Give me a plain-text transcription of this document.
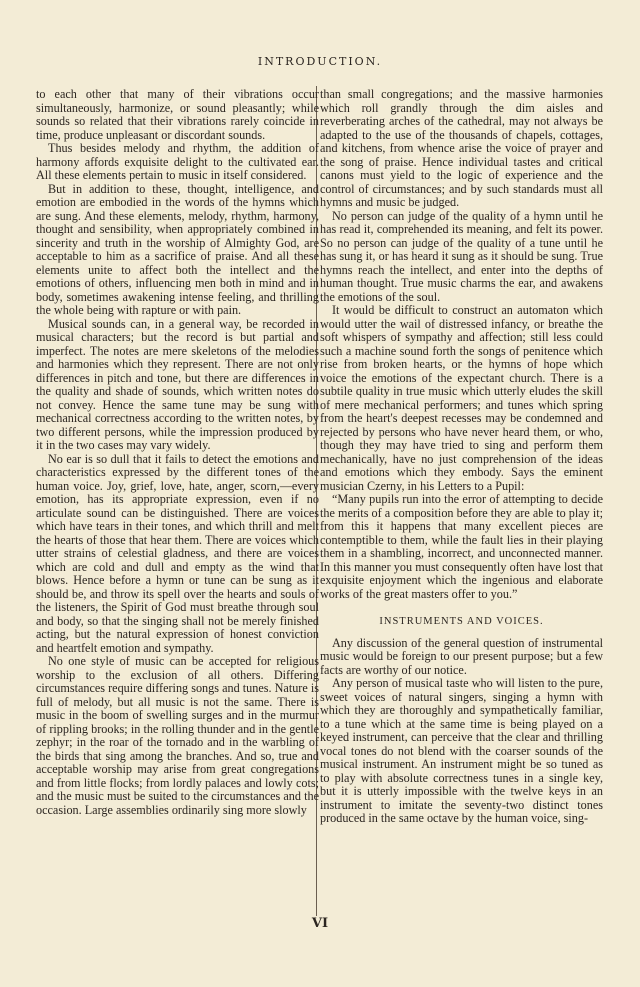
INTRODUCTION.

to each other that many of their vibrations occur simultaneously, harmonize, or sound pleasantly; while sounds so related that their vibrations rarely coincide in time, produce unpleasant or discordant sounds.

Thus besides melody and rhythm, the addition of harmony affords exquisite delight to the cultivated ear. All these elements pertain to music in itself considered.

But in addition to these, thought, intelligence, and emotion are embodied in the words of the hymns which are sung. And these elements, melody, rhythm, harmony, thought and sensibility, when appropriately combined in sincerity and truth in the worship of Almighty God, are acceptable to him as a sacrifice of praise. And all these elements unite to affect both the intellect and the emotions of others, influencing men both in mind and in body, sometimes awakening intense feeling, and thrilling the whole being with rapture or with pain.

Musical sounds can, in a general way, be recorded in musical characters; but the record is but partial and imperfect. The notes are mere skeletons of the melodies and harmonies which they represent. There are not only differences in pitch and tone, but there are differences in the quality and shade of sounds, which written notes do not convey. Hence the same tune may be sung with mechanical correctness according to the written notes, by two different persons, while the impression produced by it in the two cases may vary widely.

No ear is so dull that it fails to detect the emotions and characteristics expressed by the different tones of the human voice. Joy, grief, love, hate, anger, scorn,—every emotion, has its appropriate expression, even if no articulate sound can be distinguished. There are voices which have tears in their tones, and which thrill and melt the hearts of those that hear them. There are voices which utter strains of celestial gladness, and there are voices which are cold and dull and empty as the wind that blows. Hence before a hymn or tune can be sung as it should be, and throw its spell over the hearts and souls of the listeners, the Spirit of God must breathe through soul and body, so that the singing shall not be merely finished acting, but the natural expression of honest conviction and heartfelt emotion and sympathy.

No one style of music can be accepted for religious worship to the exclusion of all others. Differing circumstances require differing songs and tunes. Nature is full of melody, but all music is not the same. There is music in the boom of swelling surges and in the murmur of rippling brooks; in the rolling thunder and in the gentle zephyr; in the roar of the tornado and in the warbling of the birds that sing among the branches. And so, true and acceptable worship may arise from great congregations and from little flocks; from lordly palaces and lowly cots; and the music must be suited to the circumstances and the occasion. Large assemblies ordinarily sing more slowly

than small congregations; and the massive harmonies which roll grandly through the dim aisles and reverberating arches of the cathedral, may not always be adapted to the use of the thousands of chapels, cottages, and kitchens, from whence arise the voice of prayer and the song of praise. Hence individual tastes and critical canons must yield to the logic of experience and the control of circumstances; and by such standards must all hymns and music be judged.

No person can judge of the quality of a hymn until he has read it, comprehended its meaning, and felt its power. So no person can judge of the quality of a tune until he has sung it, or has heard it sung as it should be sung. True hymns reach the intellect, and enter into the depths of human thought. True music charms the ear, and awakens the emotions of the soul.

It would be difficult to construct an automaton which would utter the wail of distressed infancy, or breathe the soft whispers of sympathy and affection; still less could such a machine sound forth the songs of penitence which rise from broken hearts, or the hymns of hope which voice the emotions of the expectant church. There is a subtile quality in true music which utterly eludes the skill of mere mechanical performers; and tunes which spring from the heart's deepest recesses may be condemned and rejected by persons who have never heard them, or who, though they may have tried to sing and perform them mechanically, have no just comprehension of the ideas and emotions which they embody. Says the eminent musician Czerny, in his Letters to a Pupil:

“Many pupils run into the error of attempting to decide the merits of a composition before they are able to play it; from this it happens that many excellent pieces are contemptible to them, while the fault lies in their playing them in a shambling, incorrect, and unconnected manner. In this manner you must consequently often have lost that exquisite enjoyment which the ingenious and elaborate works of the great masters offer to you.”

INSTRUMENTS AND VOICES.

Any discussion of the general question of instrumental music would be foreign to our present purpose; but a few facts are worthy of our notice.

Any person of musical taste who will listen to the pure, sweet voices of natural singers, singing a hymn with which they are thoroughly and sympathetically familiar, to a tune which at the same time is being played on a keyed instrument, can perceive that the clear and thrilling vocal tones do not blend with the coarser sounds of the musical instrument. An instrument might be so tuned as to play with absolute correctness tunes in a single key, but it is utterly impossible with the twelve keys in an instrument to imitate the seventy-two distinct tones produced in the same octave by the human voice, sing-

VI
